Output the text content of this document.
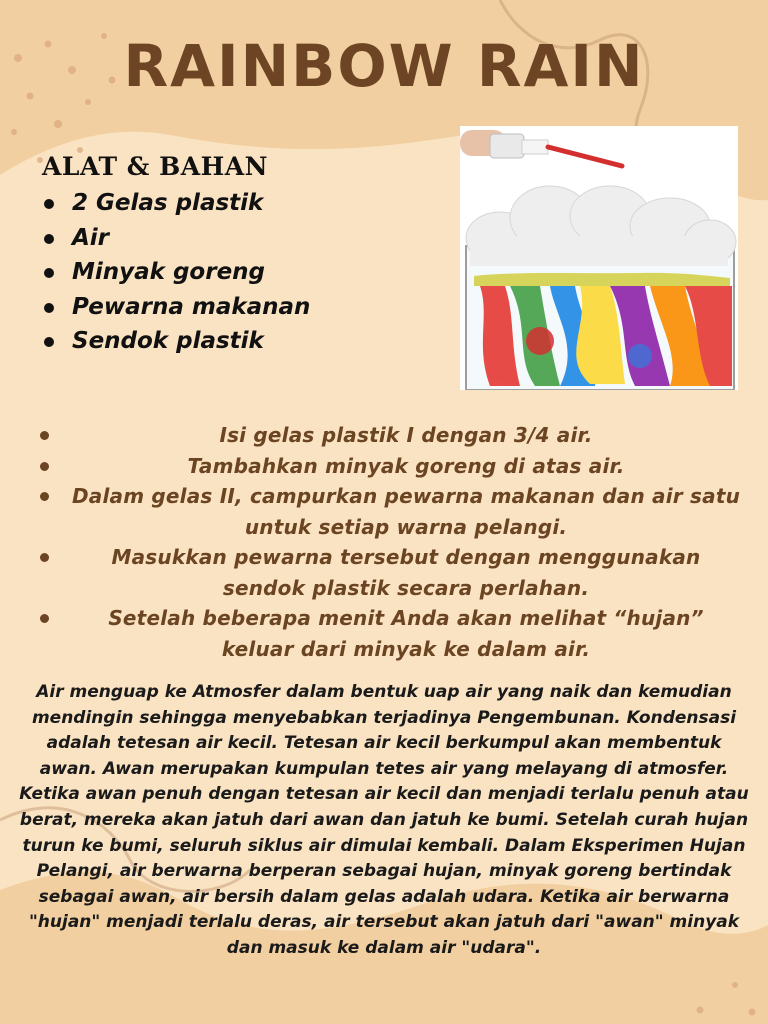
RAINBOW RAIN
ALAT & BAHAN
2 Gelas plastik
Air
Minyak goreng
Pewarna makanan
Sendok plastik

Isi gelas plastik I dengan 3/4 air.

Tambahkan minyak goreng di atas air.

Dalam gelas II, campurkan pewarna makanan dan air satu untuk setiap warna pelangi.

Masukkan pewarna tersebut dengan menggunakan sendok plastik secara perlahan.

Setelah beberapa menit Anda akan melihat “hujan” keluar dari minyak ke dalam air.

Air menguap ke Atmosfer dalam bentuk uap air yang naik dan kemudian mendingin sehingga menyebabkan terjadinya Pengembunan. Kondensasi adalah tetesan air kecil. Tetesan air kecil berkumpul akan membentuk awan. Awan merupakan kumpulan tetes air yang melayang di atmosfer. Ketika awan penuh dengan tetesan air kecil dan menjadi terlalu penuh atau berat, mereka akan jatuh dari awan dan jatuh ke bumi. Setelah curah hujan turun ke bumi, seluruh siklus air dimulai kembali. Dalam Eksperimen Hujan Pelangi, air berwarna berperan sebagai hujan, minyak goreng bertindak sebagai awan, air bersih dalam gelas adalah udara. Ketika air berwarna "hujan" menjadi terlalu deras, air tersebut akan jatuh dari "awan" minyak dan masuk ke dalam air "udara".
